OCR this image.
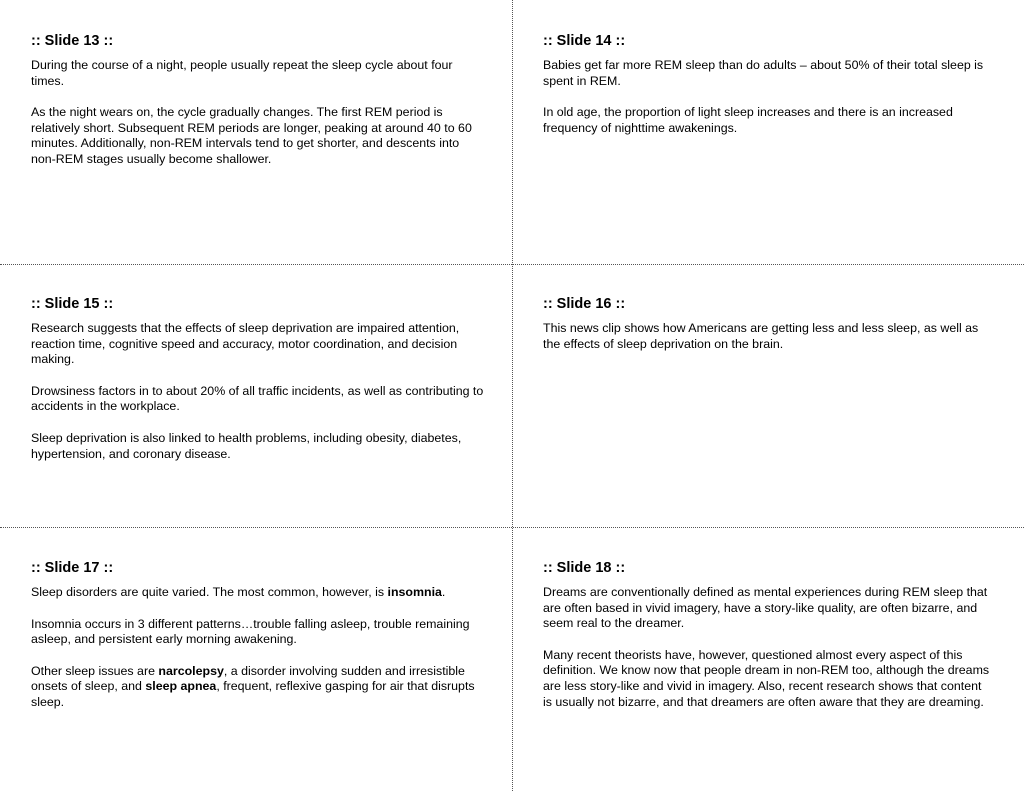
:: Slide 13 ::

During the course of a night, people usually repeat the sleep cycle about four times.

As the night wears on, the cycle gradually changes. The first REM period is relatively short. Subsequent REM periods are longer, peaking at around 40 to 60 minutes. Additionally, non-REM intervals tend to get shorter, and descents into non-REM stages usually become shallower.

:: Slide 14 ::

Babies get far more REM sleep than do adults – about 50% of their total sleep is spent in REM.

In old age, the proportion of light sleep increases and there is an increased frequency of nighttime awakenings.

:: Slide 15 ::

Research suggests that the effects of sleep deprivation are impaired attention, reaction time, cognitive speed and accuracy, motor coordination, and decision making.

Drowsiness factors in to about 20% of all traffic incidents, as well as contributing to accidents in the workplace.

Sleep deprivation is also linked to health problems, including obesity, diabetes, hypertension, and coronary disease.

:: Slide 16 ::

This news clip shows how Americans are getting less and less sleep, as well as the effects of sleep deprivation on the brain.

:: Slide 17 ::

Sleep disorders are quite varied. The most common, however, is insomnia.

Insomnia occurs in 3 different patterns…trouble falling asleep, trouble remaining asleep, and persistent early morning awakening.

Other sleep issues are narcolepsy, a disorder involving sudden and irresistible onsets of sleep, and sleep apnea, frequent, reflexive gasping for air that disrupts sleep.

:: Slide 18 ::

Dreams are conventionally defined as mental experiences during REM sleep that are often based in vivid imagery, have a story-like quality, are often bizarre, and seem real to the dreamer.

Many recent theorists have, however, questioned almost every aspect of this definition. We know now that people dream in non-REM too, although the dreams are less story-like and vivid in imagery. Also, recent research shows that content is usually not bizarre, and that dreamers are often aware that they are dreaming.
